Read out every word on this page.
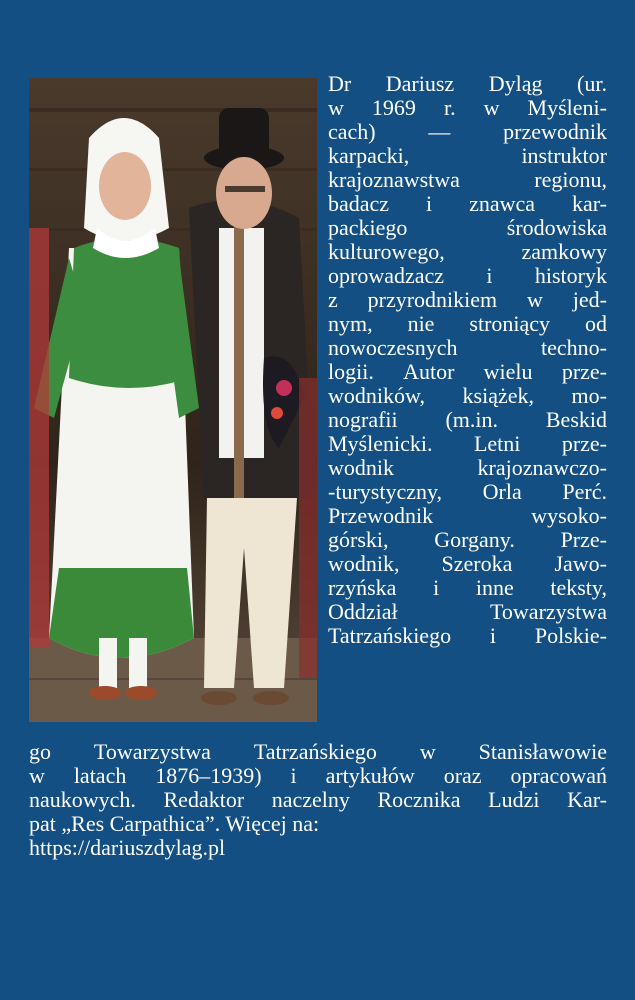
Dr Dariusz Dyląg (ur.
w 1969 r. w Myśleni-
cach) — przewodnik
karpacki,	instruktor
krajoznawstwa	regionu,
badacz i znawca kar-
packiego	środowiska
kulturowego,	zamkowy
oprowadzacz i historyk
z przyrodnikiem w jed-
nym, nie stroniący od
nowoczesnych	techno-
logii. Autor wielu prze-
wodników, książek, mo-
nografii (m.in. Beskid
Myślenicki. Letni prze-
wodnik	krajoznawczo-
-turystyczny, Orla Perć.
Przewodnik	wysoko-
górski, Gorgany. Prze-
wodnik, Szeroka Jawo-
rzyńska i inne teksty,
Oddział	Towarzystwa
Tatrzańskiego i Polskie-
go Towarzystwa Tatrzańskiego w Stanisławowie
w latach 1876–1939) i artykułów oraz opracowań
naukowych. Redaktor naczelny Rocznika Ludzi Kar-
pat „Res Carpathica”. Więcej na:
https://dariuszdylag.pl
